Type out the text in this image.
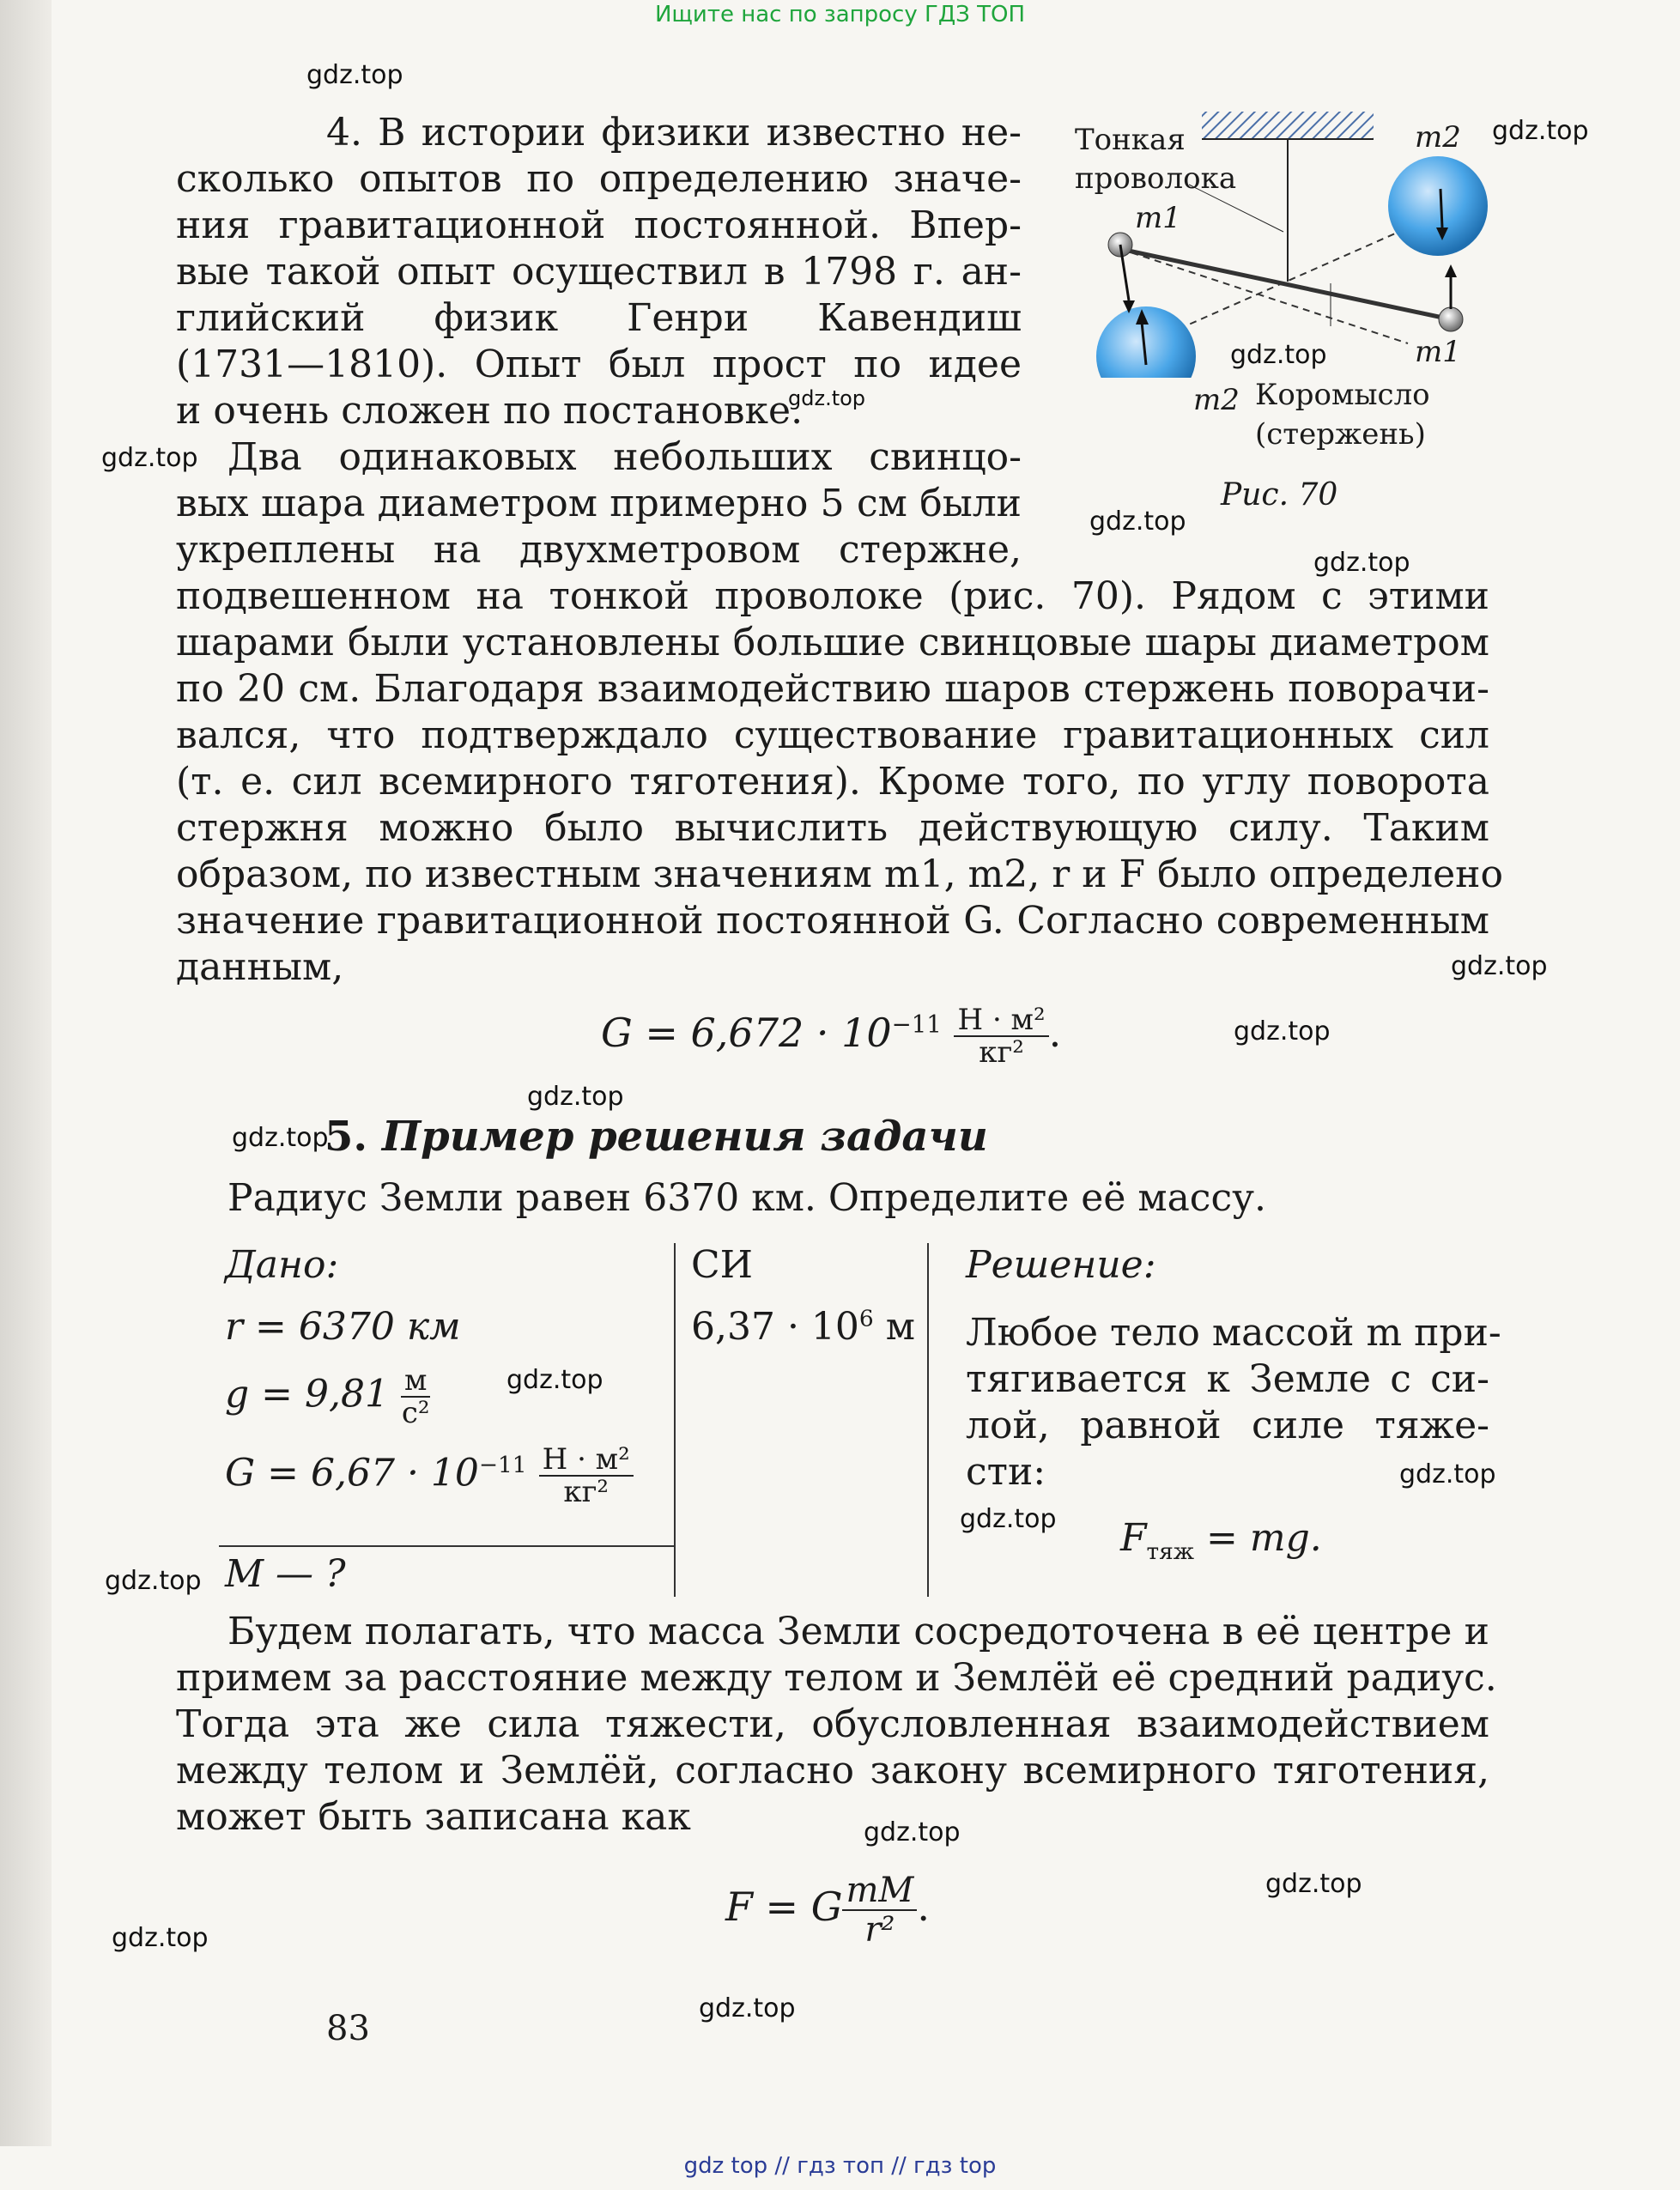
Ищите нас по запросу ГДЗ ТОП
gdz.top
gdz.top
gdz.top
gdz.top
gdz.top
gdz.top
gdz.top
gdz.top
gdz.top
gdz.top
gdz.top
gdz.top
gdz.top
gdz.top
gdz.top
gdz.top
gdz.top
gdz.top
gdz.top
4. В истории физики известно не-
сколько опытов по определению значе-
ния гравитационной постоянной. Впер-
вые такой опыт осуществил в 1798 г. ан-
глийский физик Генри Кавендиш
(1731—1810). Опыт был прост по идее
и очень сложен по постановке.
Два одинаковых небольших свинцо-
вых шара диаметром примерно 5 см были
укреплены на двухметровом стержне,
подвешенном на тонкой проволоке (рис. 70). Рядом с этими
шарами были установлены большие свинцовые шары диаметром
по 20 см. Благодаря взаимодействию шаров стержень поворачи-
вался, что подтверждало существование гравитационных сил
(т. е. сил всемирного тяготения). Кроме того, по углу поворота
стержня можно было вычислить действующую силу. Таким
образом, по известным значениям m1, m2, r и F было определено
значение гравитационной постоянной G. Согласно современным
данным,
$G = 6,672 \cdot 10^{-11} \frac{\text{Н · м²}}{\text{кг²}}$ .
Тонкая
проволока
m1
m2
m1
m2 Коромысло
(стержень)
Рис. 70
5. Пример решения задачи
Радиус Земли равен 6370 км. Определите её массу.
Дано:	СИ	Решение:
r = 6370 км
$g = 9,81 \frac{м}{\text{с²}}$
$G = 6,67 \cdot 10^{-11} \frac{\text{Н · м²}}{\text{кг²}}$
M — ?
$6,37 \cdot 10^6$ м Любое тело массой m при-
тягивается к Земле с си-
лой, равной силе тяже-
сти:
$F_{тяж}$ = mg.
Будем полагать, что масса Земли сосредоточена в её центре и
примем за расстояние между телом и Землёй её средний радиус.
Тогда эта же сила тяжести, обусловленная взаимодействием
между телом и Землёй, согласно закону всемирного тяготения,
может быть записана как
F = G $\frac{mM}{\text{r²}}$ .
83
gdz top // гдз топ // гдз top
